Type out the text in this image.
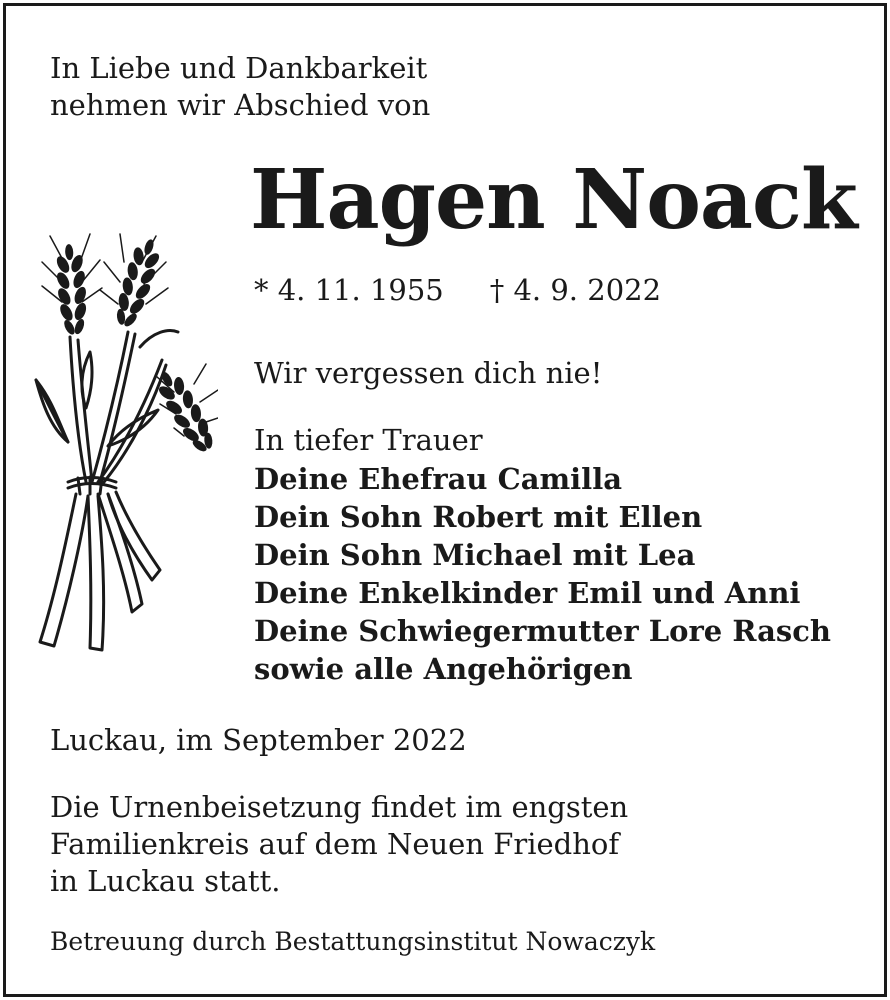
In Liebe und Dankbarkeit
nehmen wir Abschied von
Hagen Noack
* 4. 11. 1955 † 4. 9. 2022
Wir vergessen dich nie!
In tiefer Trauer
Deine Ehefrau Camilla
Dein Sohn Robert mit Ellen
Dein Sohn Michael mit Lea
Deine Enkelkinder Emil und Anni
Deine Schwiegermutter Lore Rasch
sowie alle Angehörigen
Luckau, im September 2022
Die Urnenbeisetzung findet im engsten
Familienkreis auf dem Neuen Friedhof
in Luckau statt.
Betreuung durch Bestattungsinstitut Nowaczyk
